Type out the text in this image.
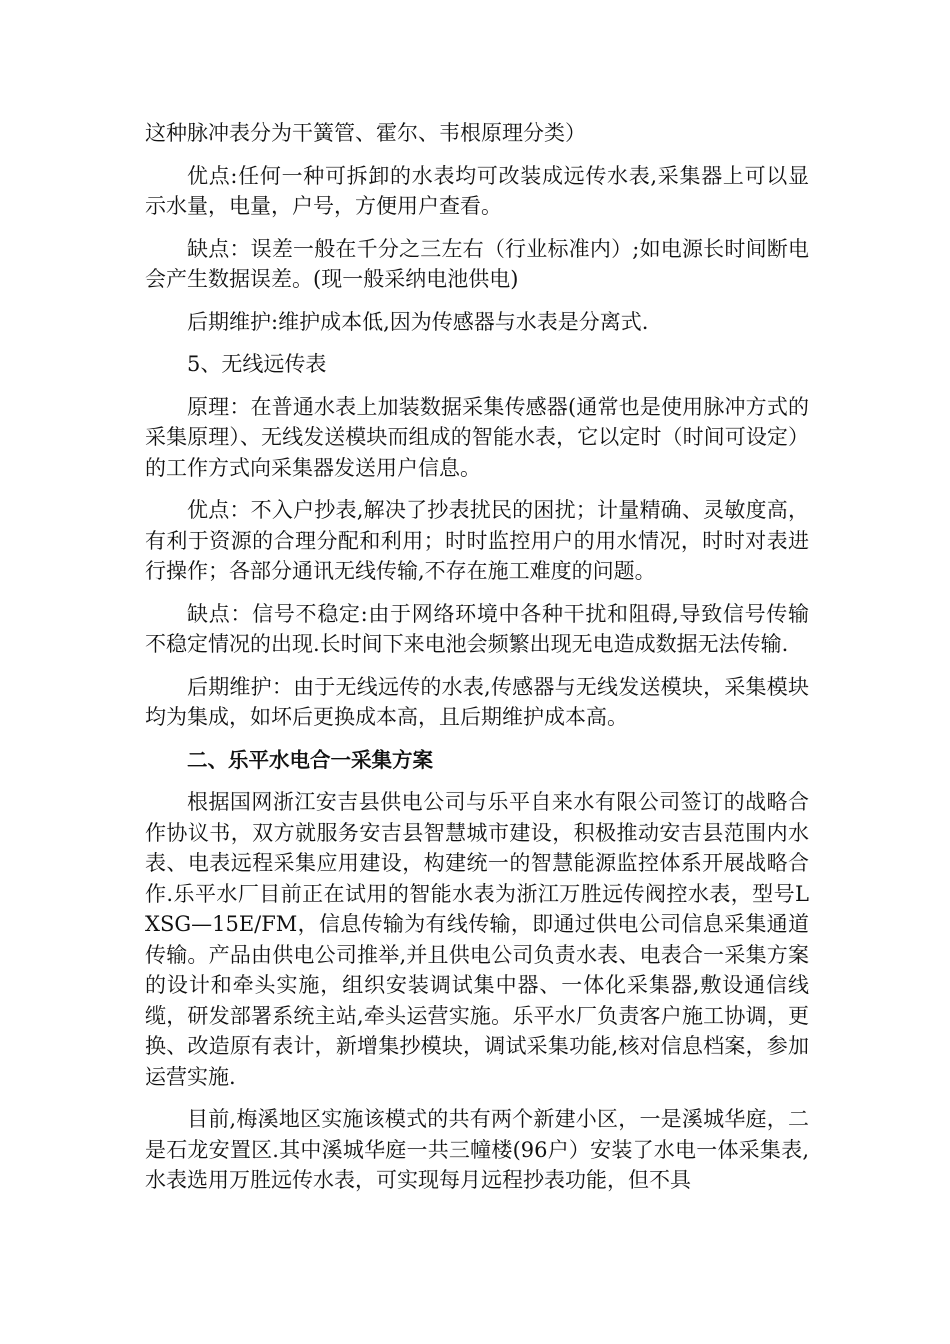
这种脉冲表分为干簧管、霍尔、韦根原理分类）

优点:任何一种可拆卸的水表均可改装成远传水表,采集器上可以显示水量，电量，户号，方便用户查看。

缺点：误差一般在千分之三左右（行业标准内）;如电源长时间断电会产生数据误差。(现一般采纳电池供电)

后期维护:维护成本低,因为传感器与水表是分离式.

5、无线远传表

原理：在普通水表上加装数据采集传感器(通常也是使用脉冲方式的采集原理）、无线发送模块而组成的智能水表，它以定时（时间可设定）的工作方式向采集器发送用户信息。

优点：不入户抄表,解决了抄表扰民的困扰；计量精确、灵敏度高，有利于资源的合理分配和利用；时时监控用户的用水情况，时时对表进行操作；各部分通讯无线传输,不存在施工难度的问题。

缺点：信号不稳定:由于网络环境中各种干扰和阻碍,导致信号传输不稳定情况的出现.长时间下来电池会频繁出现无电造成数据无法传输.

后期维护：由于无线远传的水表,传感器与无线发送模块，采集模块均为集成，如坏后更换成本高，且后期维护成本高。

二、乐平水电合一采集方案

根据国网浙江安吉县供电公司与乐平自来水有限公司签订的战略合作协议书，双方就服务安吉县智慧城市建设，积极推动安吉县范围内水表、电表远程采集应用建设，构建统一的智慧能源监控体系开展战略合作.乐平水厂目前正在试用的智能水表为浙江万胜远传阀控水表，型号LXSG—15E/FM，信息传输为有线传输，即通过供电公司信息采集通道传输。产品由供电公司推举,并且供电公司负责水表、电表合一采集方案的设计和牵头实施，组织安装调试集中器、一体化采集器,敷设通信线缆，研发部署系统主站,牵头运营实施。乐平水厂负责客户施工协调，更换、改造原有表计，新增集抄模块，调试采集功能,核对信息档案，参加运营实施.

目前,梅溪地区实施该模式的共有两个新建小区，一是溪城华庭，二是石龙安置区.其中溪城华庭一共三幢楼(96户）安装了水电一体采集表,水表选用万胜远传水表，可实现每月远程抄表功能，但不具
